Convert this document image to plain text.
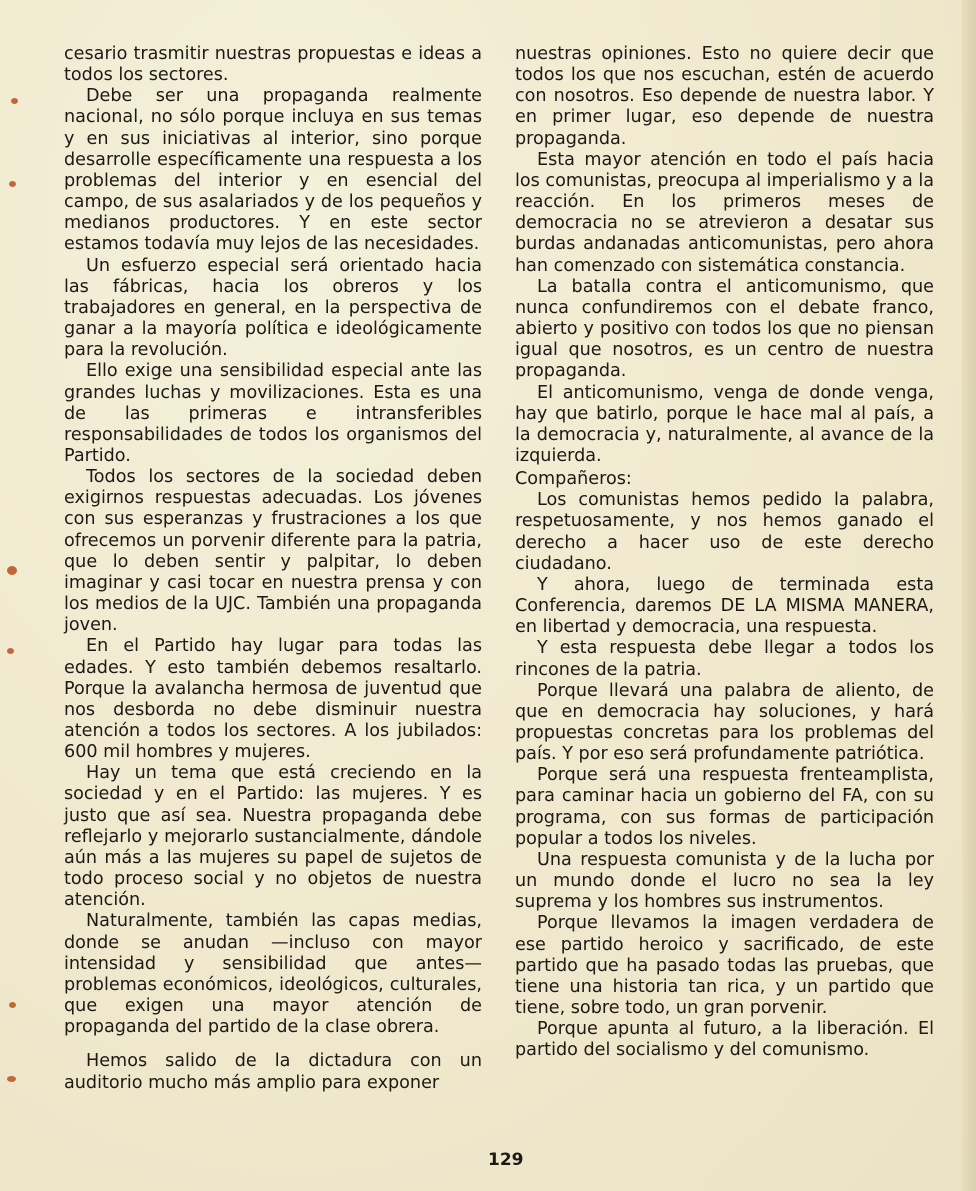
cesario trasmitir nuestras propuestas e ideas a todos los sectores.

Debe ser una propaganda realmente nacional, no sólo porque incluya en sus temas y en sus iniciativas al interior, sino porque desarrolle específicamente una respuesta a los problemas del interior y en esencial del campo, de sus asalariados y de los pequeños y medianos productores. Y en este sector estamos todavía muy lejos de las necesidades.

Un esfuerzo especial será orientado hacia las fábricas, hacia los obreros y los trabajadores en general, en la perspectiva de ganar a la mayoría política e ideológicamente para la revolución.

Ello exige una sensibilidad especial ante las grandes luchas y movilizaciones. Esta es una de las primeras e intransferibles responsabilidades de todos los organismos del Partido.

Todos los sectores de la sociedad deben exigirnos respuestas adecuadas. Los jóvenes con sus esperanzas y frustraciones a los que ofrecemos un porvenir diferente para la patria, que lo deben sentir y palpitar, lo deben imaginar y casi tocar en nuestra prensa y con los medios de la UJC. También una propaganda joven.

En el Partido hay lugar para todas las edades. Y esto también debemos resaltarlo. Porque la avalancha hermosa de juventud que nos desborda no debe disminuir nuestra atención a todos los sectores. A los jubilados: 600 mil hombres y mujeres.

Hay un tema que está creciendo en la sociedad y en el Partido: las mujeres. Y es justo que así sea. Nuestra propaganda debe reflejarlo y mejorarlo sustancialmente, dándole aún más a las mujeres su papel de sujetos de todo proceso social y no objetos de nuestra atención.

Naturalmente, también las capas medias, donde se anudan —incluso con mayor intensidad y sensibilidad que antes— problemas económicos, ideológicos, culturales, que exigen una mayor atención de propaganda del partido de la clase obrera.

Hemos salido de la dictadura con un auditorio mucho más amplio para exponer

nuestras opiniones. Esto no quiere decir que todos los que nos escuchan, estén de acuerdo con nosotros. Eso depende de nuestra labor. Y en primer lugar, eso depende de nuestra propaganda.

Esta mayor atención en todo el país hacia los comunistas, preocupa al imperialismo y a la reacción. En los primeros meses de democracia no se atrevieron a desatar sus burdas andanadas anticomunistas, pero ahora han comenzado con sistemática constancia.

La batalla contra el anticomunismo, que nunca confundiremos con el debate franco, abierto y positivo con todos los que no piensan igual que nosotros, es un centro de nuestra propaganda.

El anticomunismo, venga de donde venga, hay que batirlo, porque le hace mal al país, a la democracia y, naturalmente, al avance de la izquierda.

Compañeros:

Los comunistas hemos pedido la palabra, respetuosamente, y nos hemos ganado el derecho a hacer uso de este derecho ciudadano.

Y ahora, luego de terminada esta Conferencia, daremos DE LA MISMA MANERA, en libertad y democracia, una respuesta.

Y esta respuesta debe llegar a todos los rincones de la patria.

Porque llevará una palabra de aliento, de que en democracia hay soluciones, y hará propuestas concretas para los problemas del país. Y por eso será profundamente patriótica.

Porque será una respuesta frenteamplista, para caminar hacia un gobierno del FA, con su programa, con sus formas de participación popular a todos los niveles.

Una respuesta comunista y de la lucha por un mundo donde el lucro no sea la ley suprema y los hombres sus instrumentos.

Porque llevamos la imagen verdadera de ese partido heroico y sacrificado, de este partido que ha pasado todas las pruebas, que tiene una historia tan rica, y un partido que tiene, sobre todo, un gran porvenir.

Porque apunta al futuro, a la liberación. El partido del socialismo y del comunismo.

129
